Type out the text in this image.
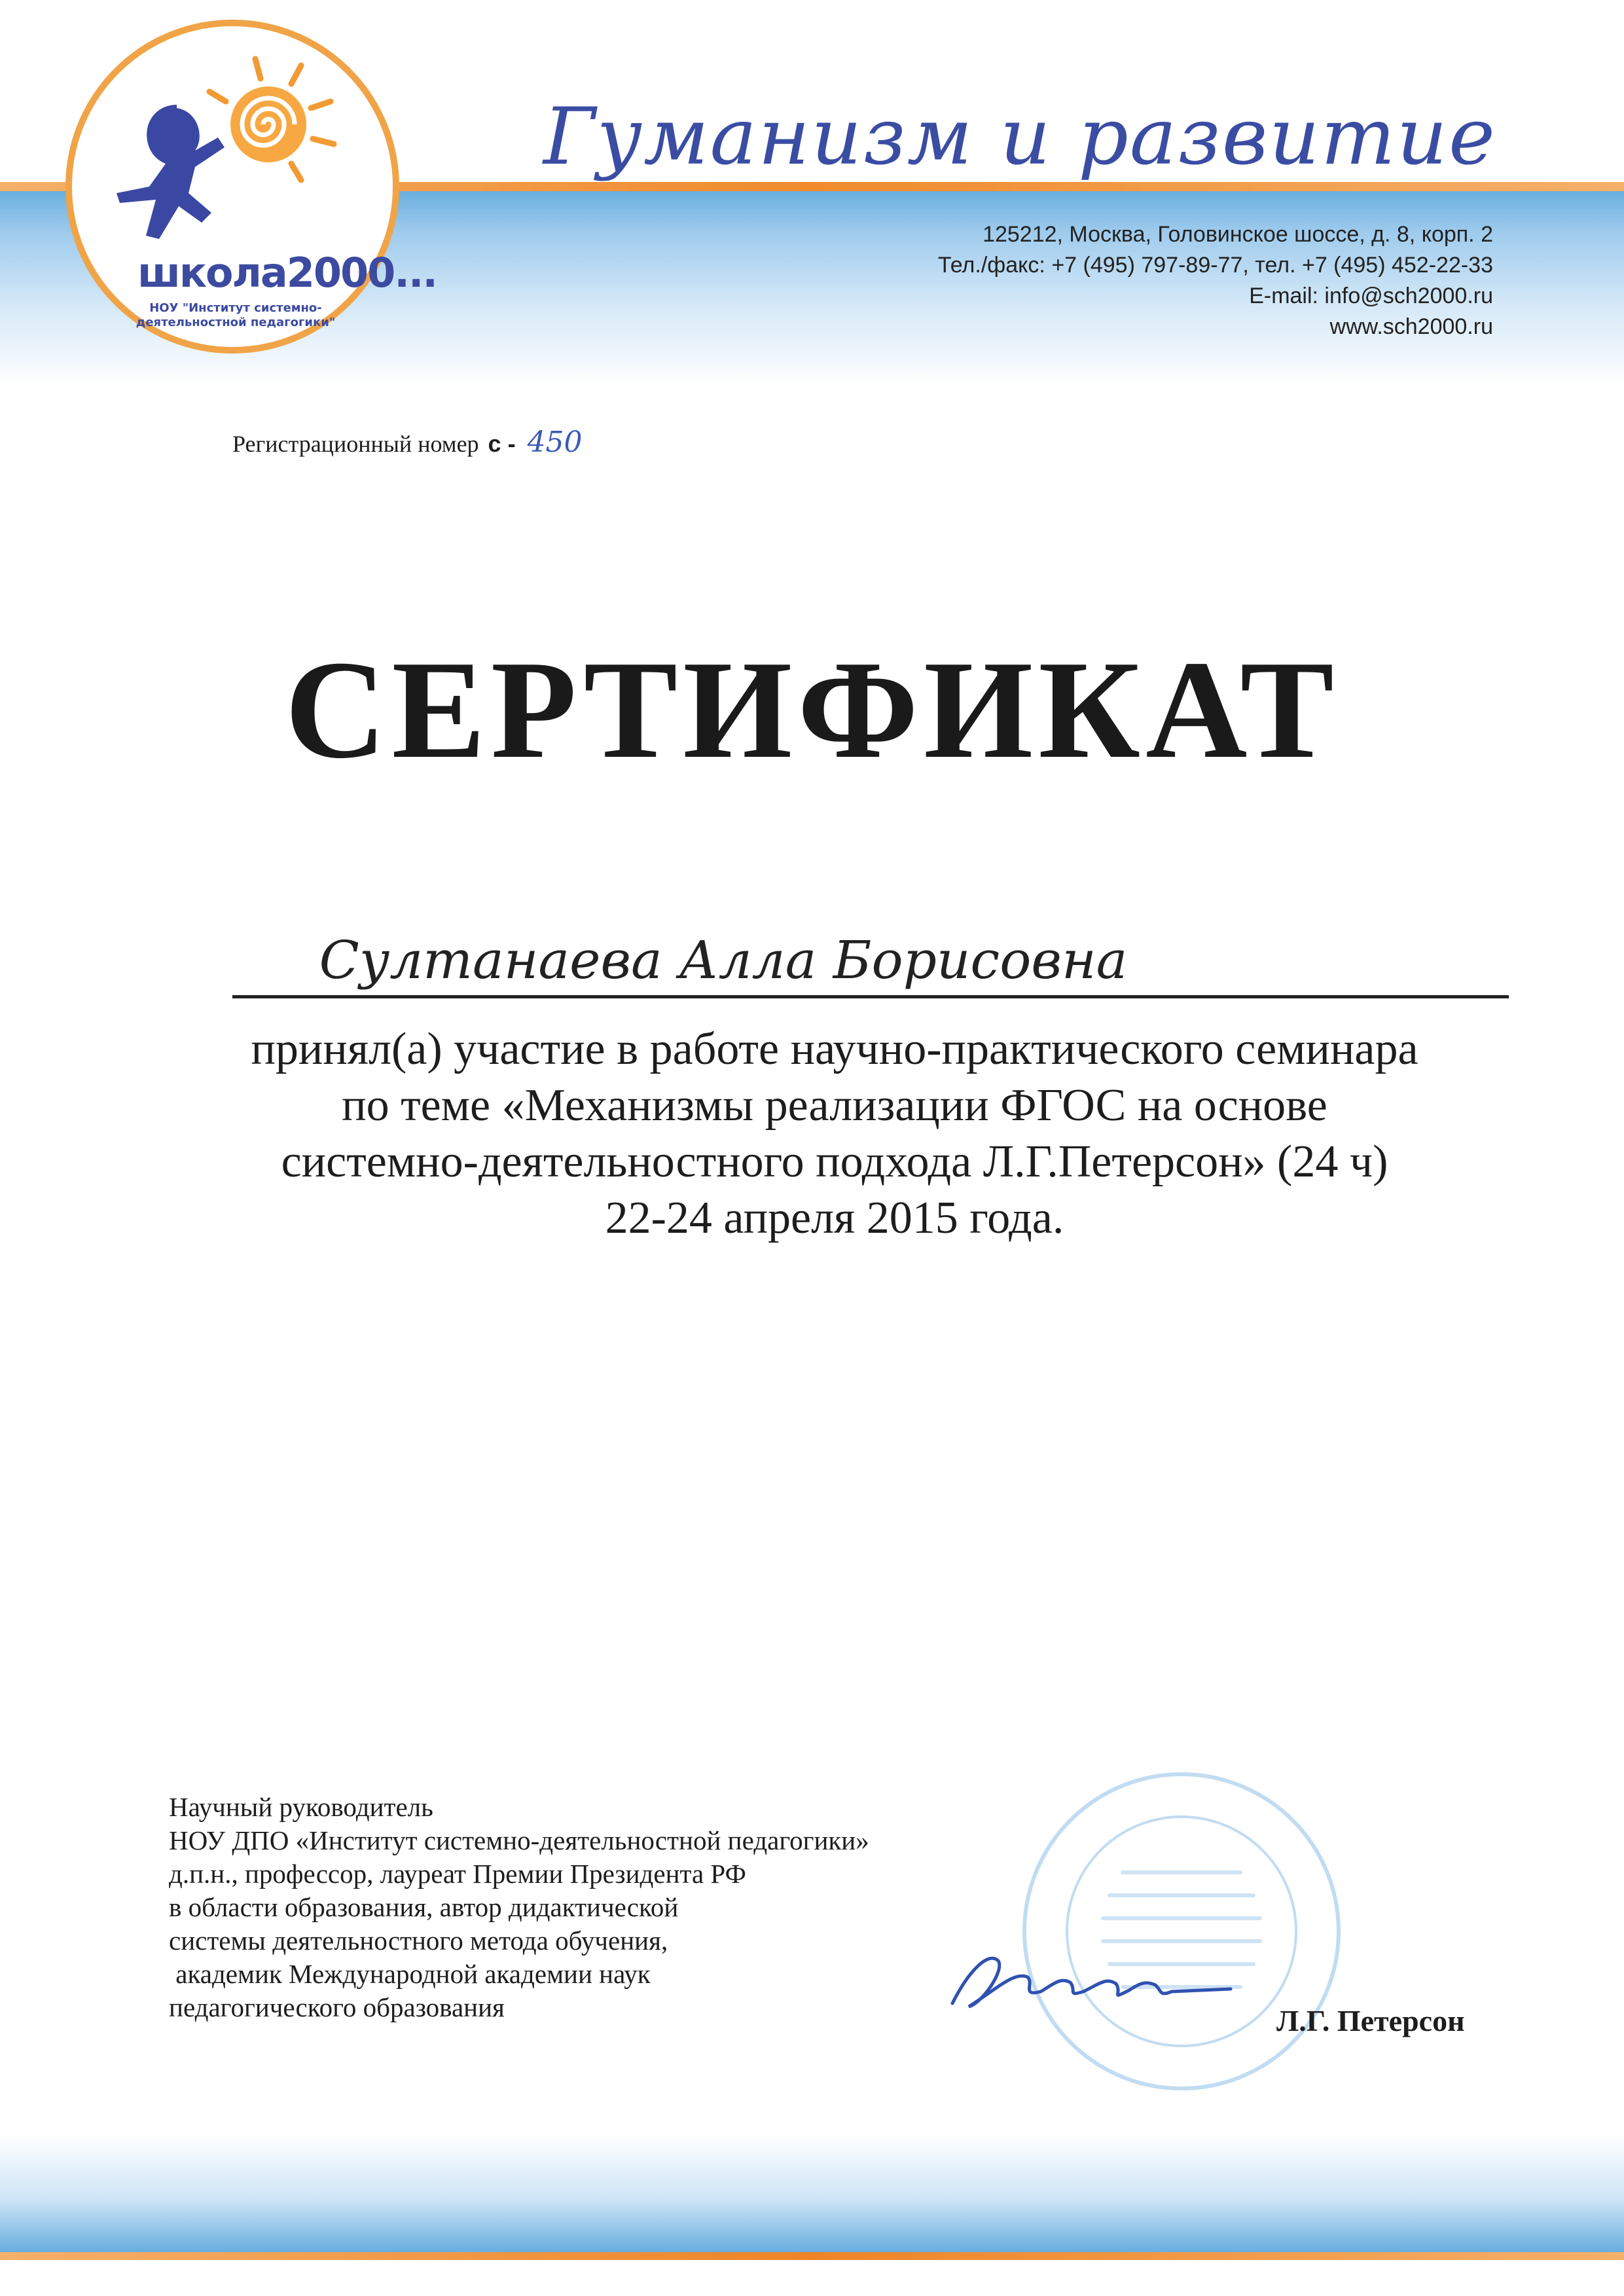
школа2000...
НОУ "Институт системно-деятельностной педагогики"
Гуманизм и развитие
125212, Москва, Головинское шоссе, д. 8, корп. 2
Тел./факс: +7 (495) 797-89-77, тел. +7 (495) 452-22-33
E-mail: info@sch2000.ru
www.sch2000.ru
Регистрационный номер с - 450
СЕРТИФИКАТ
Султанаева Алла Борисовна
принял(а) участие в работе научно-практического семинара
по теме «Механизмы реализации ФГОС на основе
системно-деятельностного подхода Л.Г.Петерсон» (24 ч)
22-24 апреля 2015 года.
Научный руководитель
НОУ ДПО «Институт системно-деятельностной педагогики»
д.п.н., профессор, лауреат Премии Президента РФ
в области образования, автор дидактической
системы деятельностного метода обучения,
академик Международной академии наук
педагогического образования	Л.Г. Петерсон
